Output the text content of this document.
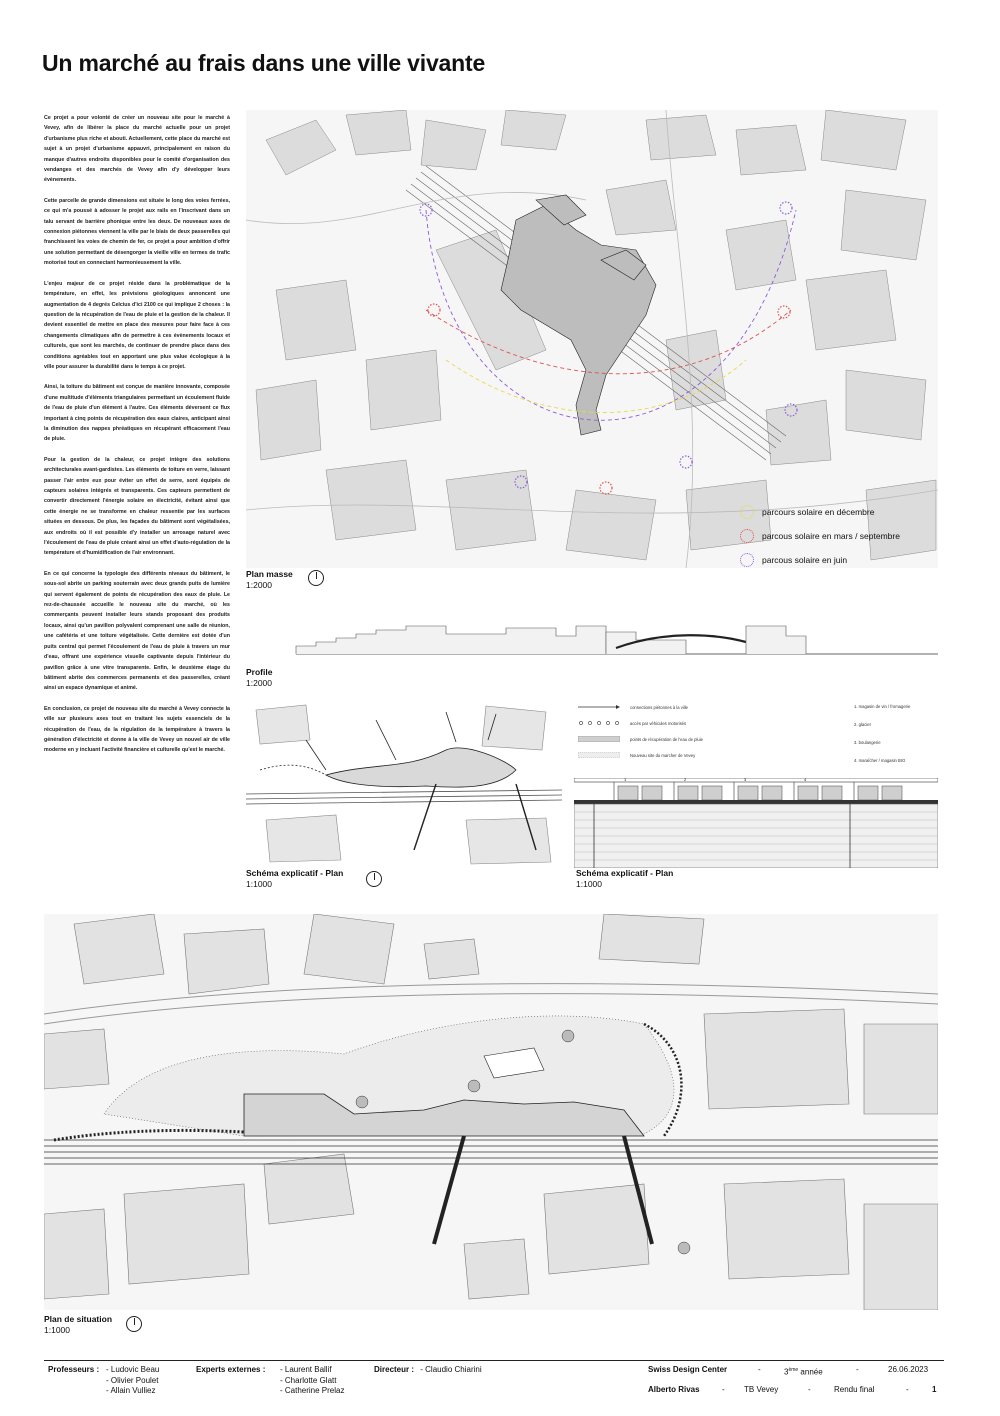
Un marché au frais dans une ville vivante

Ce projet a pour volonté de créer un nouveau site pour le marché à Vevey, afin de libérer la place du marché actuelle pour un projet d'urbanisme plus riche et abouti. Actuellement, cette place du marché est sujet à un projet d'urbanisme appauvri, principalement en raison du manque d'autres endroits disponibles pour le comité d'organisation des vendanges et des marchés de Vevey afin d'y développer leurs évènements.

Cette parcelle de grande dimensions est située le long des voies ferrées, ce qui m'a poussé à adosser le projet aux rails en l'inscrivant dans un talu servant de barrière phonique entre les deux. De nouveaux axes de connexion piétonnes viennent la ville par le biais de deux passerelles qui franchissent les voies de chemin de fer, ce projet a pour ambition d'offrir une solution permettant de désengorger la vieille ville en termes de trafic motorisé tout en connectant harmonieusement la ville.

L'enjeu majeur de ce projet réside dans la problématique de la température, en effet, les prévisions géologiques annoncent une augmentation de 4 degrés Celcius d'ici 2100 ce qui implique 2 choses : la question de la récupération de l'eau de pluie et la gestion de la chaleur. Il devient essentiel de mettre en place des mesures pour faire face à ces changements climatiques afin de permettre à ces évènements locaux et culturels, que sont les marchés, de continuer de prendre place dans des conditions agréables tout en apportant une plus value écologique à la ville pour assurer la durabilité dans le temps à ce projet.

Ainsi, la toiture du bâtiment est conçue de manière innovante, composée d'une multitude d'éléments triangulaires permettant un écoulement fluide de l'eau de pluie d'un élément à l'autre. Ces éléments déversent ce flux important à cinq points de récupération des eaux claires, anticipant ainsi la diminution des nappes phréatiques en récupérant efficacement l'eau de pluie.

Pour la gestion de la chaleur, ce projet intègre des solutions architecturales avant-gardistes. Les éléments de toiture en verre, laissant passer l'air entre eux pour éviter un effet de serre, sont équipés de capteurs solaires intégrés et transparents. Ces capteurs permettent de convertir directement l'énergie solaire en électricité, évitant ainsi que cette énergie ne se transforme en chaleur ressentie par les surfaces situées en dessous. De plus, les façades du bâtiment sont végétalisées, aux endroits où il est possible d'y installer un arrosage naturel avec l'écoulement de l'eau de pluie créant ainsi un effet d'auto-régulation de la température et d'humidification de l'air environnant.

En ce qui concerne la typologie des différents niveaux du bâtiment, le sous-sol abrite un parking souterrain avec deux grands puits de lumière qui servent également de points de récupération des eaux de pluie. Le rez-de-chaussée accueille le nouveau site du marché, où les commerçants peuvent installer leurs stands proposant des produits locaux, ainsi qu'un pavillon polyvalent comprenant une salle de réunion, une cafétéria et une toiture végétalisée. Cette dernière est dotée d'un puits central qui permet l'écoulement de l'eau de pluie à travers un mur d'eau, offrant une expérience visuelle captivante depuis l'intérieur du pavillon grâce à une vitre transparente. Enfin, le deuxième étage du bâtiment abrite des commerces permanents et des passerelles, créant ainsi un espace dynamique et animé.

En conclusion, ce projet de nouveau site du marché à Vevey connecte la ville sur plusieurs axes tout en traitant les sujets essenciels de la récupération de l'eau, de la régulation de la température à travers la génération d'électricité et donne à la ville de Vevey un nouvel air de ville moderne en y incluant l'activité financière et culturelle qu'est le marché.

parcours solaire en décembre
parcous solaire en mars / septembre
parcous solaire en juin
Plan masse
1:2000
Profile
1:2000
Schéma explicatif - Plan
1:1000
connections piétonnes à la ville
accès par véhicules motorisés
points de récupération de l'eau de pluie
Nouveau site du marcher de Vevey
1. magasin de vin / fromagerie
2. glacier
3. boulangerie
4. maraîcher / magasin BIO
1	2	3	4
Schéma explicatif - Plan
1:1000
Plan de situation
1:1000
Professeurs : - Ludovic Beau
- Olivier Poulet
- Allain Vulliez
Experts externes : - Laurent Ballif
- Charlotte Glatt
- Catherine Prelaz
Directeur : - Claudio Chiarini	Swiss Design Center	-	3ème année	-	26.06.2023
Alberto Rivas	- TB Vevey	-	Rendu final	-	1
